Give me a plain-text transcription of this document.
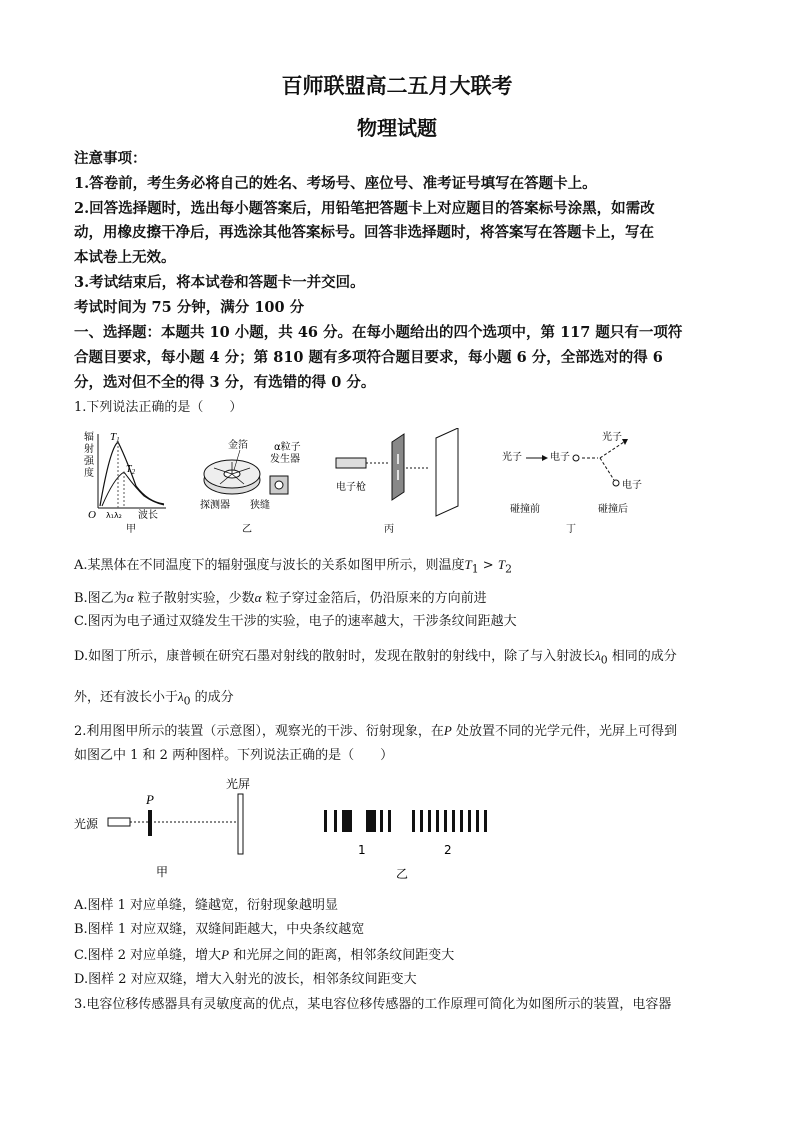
百师联盟高二五月大联考
物理试题
注意事项：
1.答卷前，考生务必将自己的姓名、考场号、座位号、准考证号填写在答题卡上。
2.回答选择题时，选出每小题答案后，用铅笔把答题卡上对应题目的答案标号涂黑，如需改
动，用橡皮擦干净后，再选涂其他答案标号。回答非选择题时，将答案写在答题卡上，写在
本试卷上无效。
3.考试结束后，将本试卷和答题卡一并交回。
考试时间为 75 分钟，满分 100 分
一、选择题：本题共 10 小题，共 46 分。在每小题给出的四个选项中，第 117 题只有一项符
合题目要求，每小题 4 分；第 810 题有多项符合题目要求，每小题 6 分，全部选对的得 6
分，选对但不全的得 3 分，有选错的得 0 分。
1.下列说法正确的是（　　）
辐
射
强
度
T1
$T_2$
O λ₁λ₂ 波长
甲
金箔	α粒子
发生器
探测器 狭缝
乙
电子枪
丙
光子	电子
光子
电子
碰撞前	碰撞后
丁
A.某黑体在不同温度下的辐射强度与波长的关系如图甲所示，则温度$T_1 > T_2$
B.图乙为α 粒子散射实验，少数α 粒子穿过金箔后，仍沿原来的方向前进
C.图丙为电子通过双缝发生干涉的实验，电子的速率越大，干涉条纹间距越大
D.如图丁所示，康普顿在研究石墨对射线的散射时，发现在散射的射线中，除了与入射波长$\lambda_0$ 相同的成分
外，还有波长小于$\lambda_0$ 的成分
2.利用图甲所示的装置（示意图），观察光的干涉、衍射现象，在P 处放置不同的光学元件，光屏上可得到
如图乙中 1 和 2 两种图样。下列说法正确的是（　　）
光源
P
光屏
甲
1	2
乙
A.图样 1 对应单缝，缝越宽，衍射现象越明显
B.图样 1 对应双缝，双缝间距越大，中央条纹越宽
C.图样 2 对应单缝，增大P 和光屏之间的距离，相邻条纹间距变大
D.图样 2 对应双缝，增大入射光的波长，相邻条纹间距变大
3.电容位移传感器具有灵敏度高的优点，某电容位移传感器的工作原理可简化为如图所示的装置，电容器
